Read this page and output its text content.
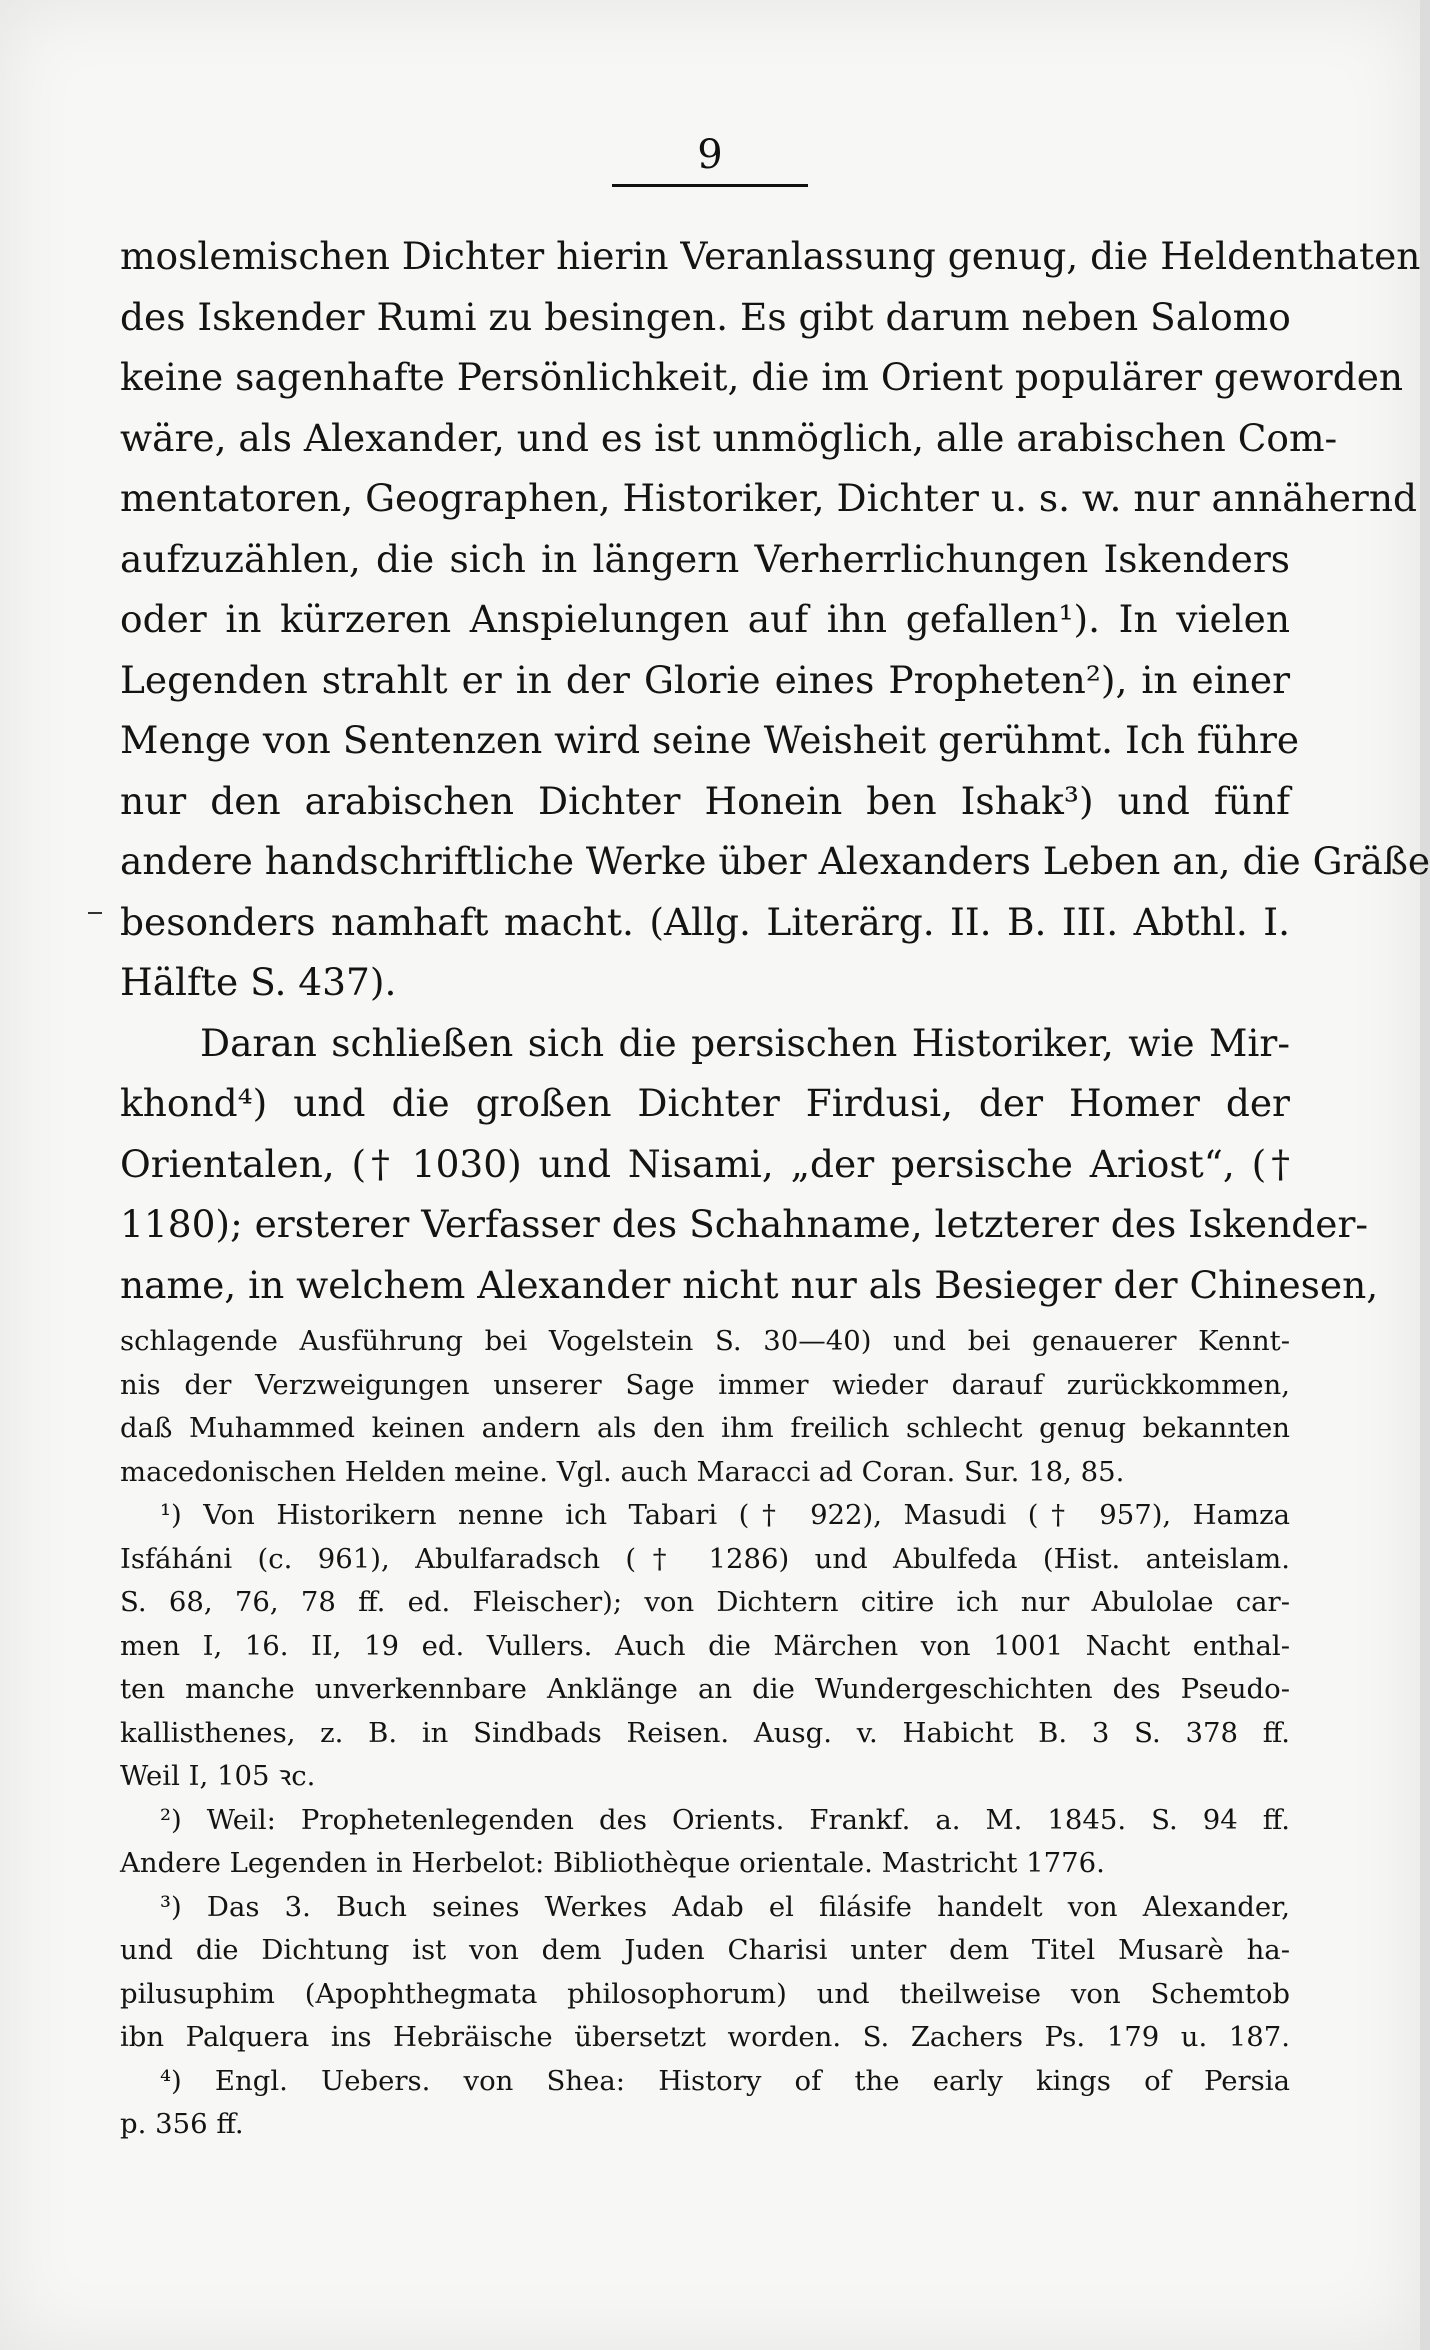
9
moslemischen Dichter hierin Veranlassung genug, die Heldenthaten
des Iskender Rumi zu besingen. Es gibt darum neben Salomo
keine sagenhafte Persönlichkeit, die im Orient populärer geworden
wäre, als Alexander, und es ist unmöglich, alle arabischen Com-
mentatoren, Geographen, Historiker, Dichter u. s. w. nur annähernd
aufzuzählen, die sich in längern Verherrlichungen Iskenders
oder in kürzeren Anspielungen auf ihn gefallen¹). In vielen
Legenden strahlt er in der Glorie eines Propheten²), in einer
Menge von Sentenzen wird seine Weisheit gerühmt. Ich führe
nur den arabischen Dichter Honein ben Ishak³) und fünf
andere handschriftliche Werke über Alexanders Leben an, die Gräße
besonders namhaft macht. (Allg. Literärg. II. B. III. Abthl. I.
Hälfte S. 437).
Daran schließen sich die persischen Historiker, wie Mir-
khond⁴) und die großen Dichter Firdusi, der Homer der
Orientalen, († 1030) und Nisami, „der persische Ariost“, (†
1180); ersterer Verfasser des Schahname, letzterer des Iskender-
name, in welchem Alexander nicht nur als Besieger der Chinesen,
schlagende Ausführung bei Vogelstein S. 30—40) und bei genauerer Kennt-
nis der Verzweigungen unserer Sage immer wieder darauf zurückkommen,
daß Muhammed keinen andern als den ihm freilich schlecht genug bekannten
macedonischen Helden meine. Vgl. auch Maracci ad Coran. Sur. 18, 85.
¹) Von Historikern nenne ich Tabari († 922), Masudi († 957), Hamza
Isfáháni (c. 961), Abulfaradsch († 1286) und Abulfeda (Hist. anteislam.
S. 68, 76, 78 ff. ed. Fleischer); von Dichtern citire ich nur Abulolae car-
men I, 16. II, 19 ed. Vullers. Auch die Märchen von 1001 Nacht enthal-
ten manche unverkennbare Anklänge an die Wundergeschichten des Pseudo-
kallisthenes, z. B. in Sindbads Reisen. Ausg. v. Habicht B. 3 S. 378 ff.
Weil I, 105 ꝛc.
²) Weil: Prophetenlegenden des Orients. Frankf. a. M. 1845. S. 94 ff.
Andere Legenden in Herbelot: Bibliothèque orientale. Mastricht 1776.
³) Das 3. Buch seines Werkes Adab el filásife handelt von Alexander,
und die Dichtung ist von dem Juden Charisi unter dem Titel Musarè ha-
pilusuphim (Apophthegmata philosophorum) und theilweise von Schemtob
ibn Palquera ins Hebräische übersetzt worden. S. Zachers Ps. 179 u. 187.
⁴) Engl. Uebers. von Shea: History of the early kings of Persia
p. 356 ff.
